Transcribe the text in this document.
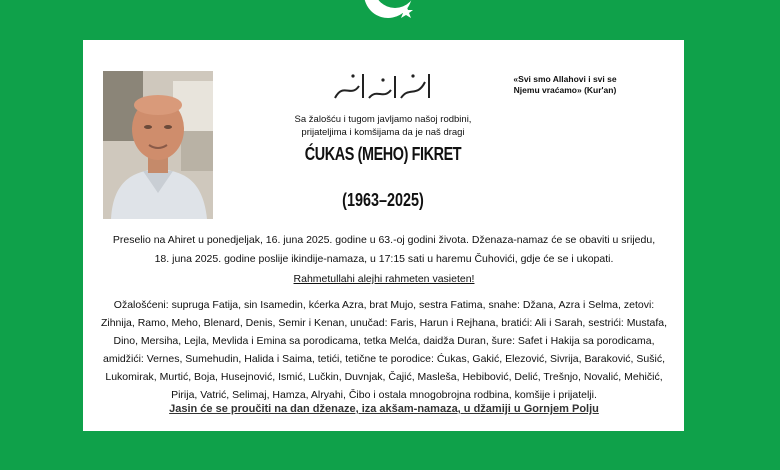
«Svi smo Allahovi i svi se
Njemu vraćamo» (Kur'an)
Sa žalošću i tugom javljamo našoj rodbini,
prijateljima i komšijama da je naš dragi
ĆUKAS (MEHO) FIKRET
(1963–2025)
Preselio na Ahiret u ponedjeljak, 16. juna 2025. godine u 63.-oj godini života. Dženaza-namaz će se obaviti u srijedu,
18. juna 2025. godine poslije ikindije-namaza, u 17:15 sati u haremu Čuhovići, gdje će se i ukopati.
Rahmetullahi alejhi rahmeten vasieten!
Ožalošćeni: supruga Fatija, sin Isamedin, kćerka Azra, brat Mujo, sestra Fatima, snahe: Džana, Azra i Selma, zetovi:
Zihnija, Ramo, Meho, Blenard, Denis, Semir i Kenan, unučad: Faris, Harun i Rejhana, bratići: Ali i Sarah, sestrići: Mustafa,
Dino, Mersiha, Lejla, Mevlida i Emina sa porodicama, tetka Melća, daidža Duran, šure: Safet i Hakija sa porodicama,
amidžići: Vernes, Sumehudin, Halida i Saima, tetići, tetične te porodice: Ćukas, Gakić, Elezović, Sivrija, Baraković, Sušić,
Lukomirak, Murtić, Boja, Husejnović, Ismić, Lučkin, Duvnjak, Čajić, Masleša, Hebibović, Delić, Trešnjo, Novalić, Mehičić,
Pirija, Vatrić, Selimaj, Hamza, Alryahi, Čibo i ostala mnogobrojna rodbina, komšije i prijatelji.
Jasin će se proučiti na dan dženaze, iza akšam-namaza, u džamiji u Gornjem Polju
